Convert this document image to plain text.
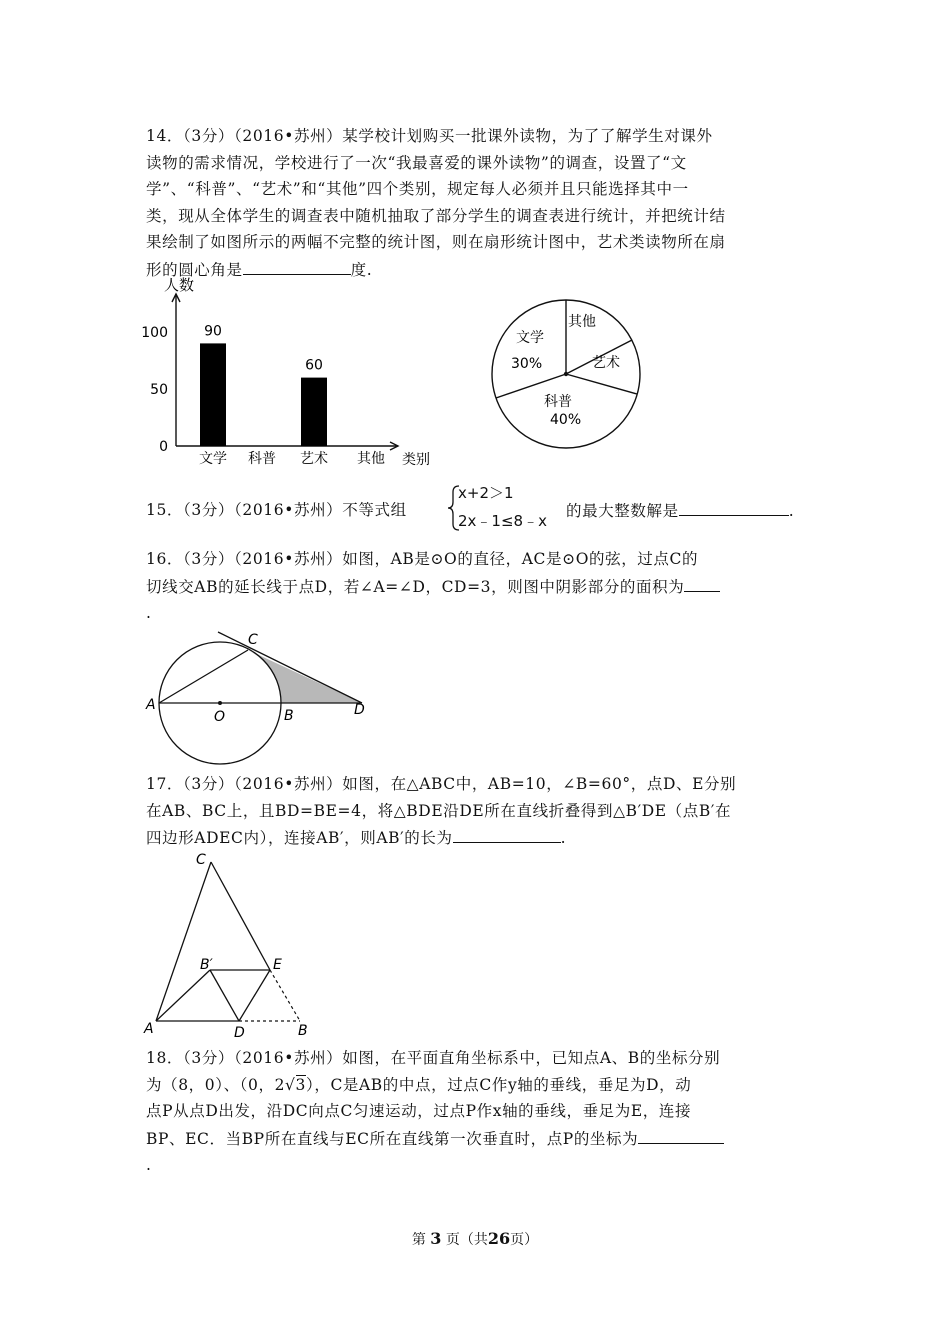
14．（3分）（2016•苏州）某学校计划购买一批课外读物，为了了解学生对课外
读物的需求情况，学校进行了一次“我最喜爱的课外读物”的调查，设置了“文
学”、“科普”、“艺术”和“其他”四个类别，规定每人必须并且只能选择其中一
类，现从全体学生的调查表中随机抽取了部分学生的调查表进行统计，并把统计结
果绘制了如图所示的两幅不完整的统计图，则在扇形统计图中，艺术类读物所在扇
形的圆心角是	度.
人数
类别
0
50
100
文学
90
科普 艺术
60
其他
文学
30%
其他
艺术
科普
40%
15．（3分）（2016•苏州）不等式组
x+2＞1
2x﹣1≤8﹣x
的最大整数解是	.
16．（3分）（2016•苏州）如图，AB是⊙O的直径，AC是⊙O的弦，过点C的
切线交AB的延长线于点D，若∠A=∠D，CD=3，则图中阴影部分的面积为
.
A
O	B
C
D
17．（3分）（2016•苏州）如图，在△ABC中，AB=10，∠B=60°，点D、E分别
在AB、BC上，且BD=BE=4，将△BDE沿DE所在直线折叠得到△B′DE（点B′在
四边形ADEC内），连接AB′，则AB′的长为	.
C
B′	E
A	D	B
18．（3分）（2016•苏州）如图，在平面直角坐标系中，已知点A、B的坐标分别
为（8，0）、（0，2√3），C是AB的中点，过点C作y轴的垂线，垂足为D，动
点P从点D出发，沿DC向点C匀速运动，过点P作x轴的垂线，垂足为E，连接
BP、EC．当BP所在直线与EC所在直线第一次垂直时，点P的坐标为
.
第 3 页（共26页）
